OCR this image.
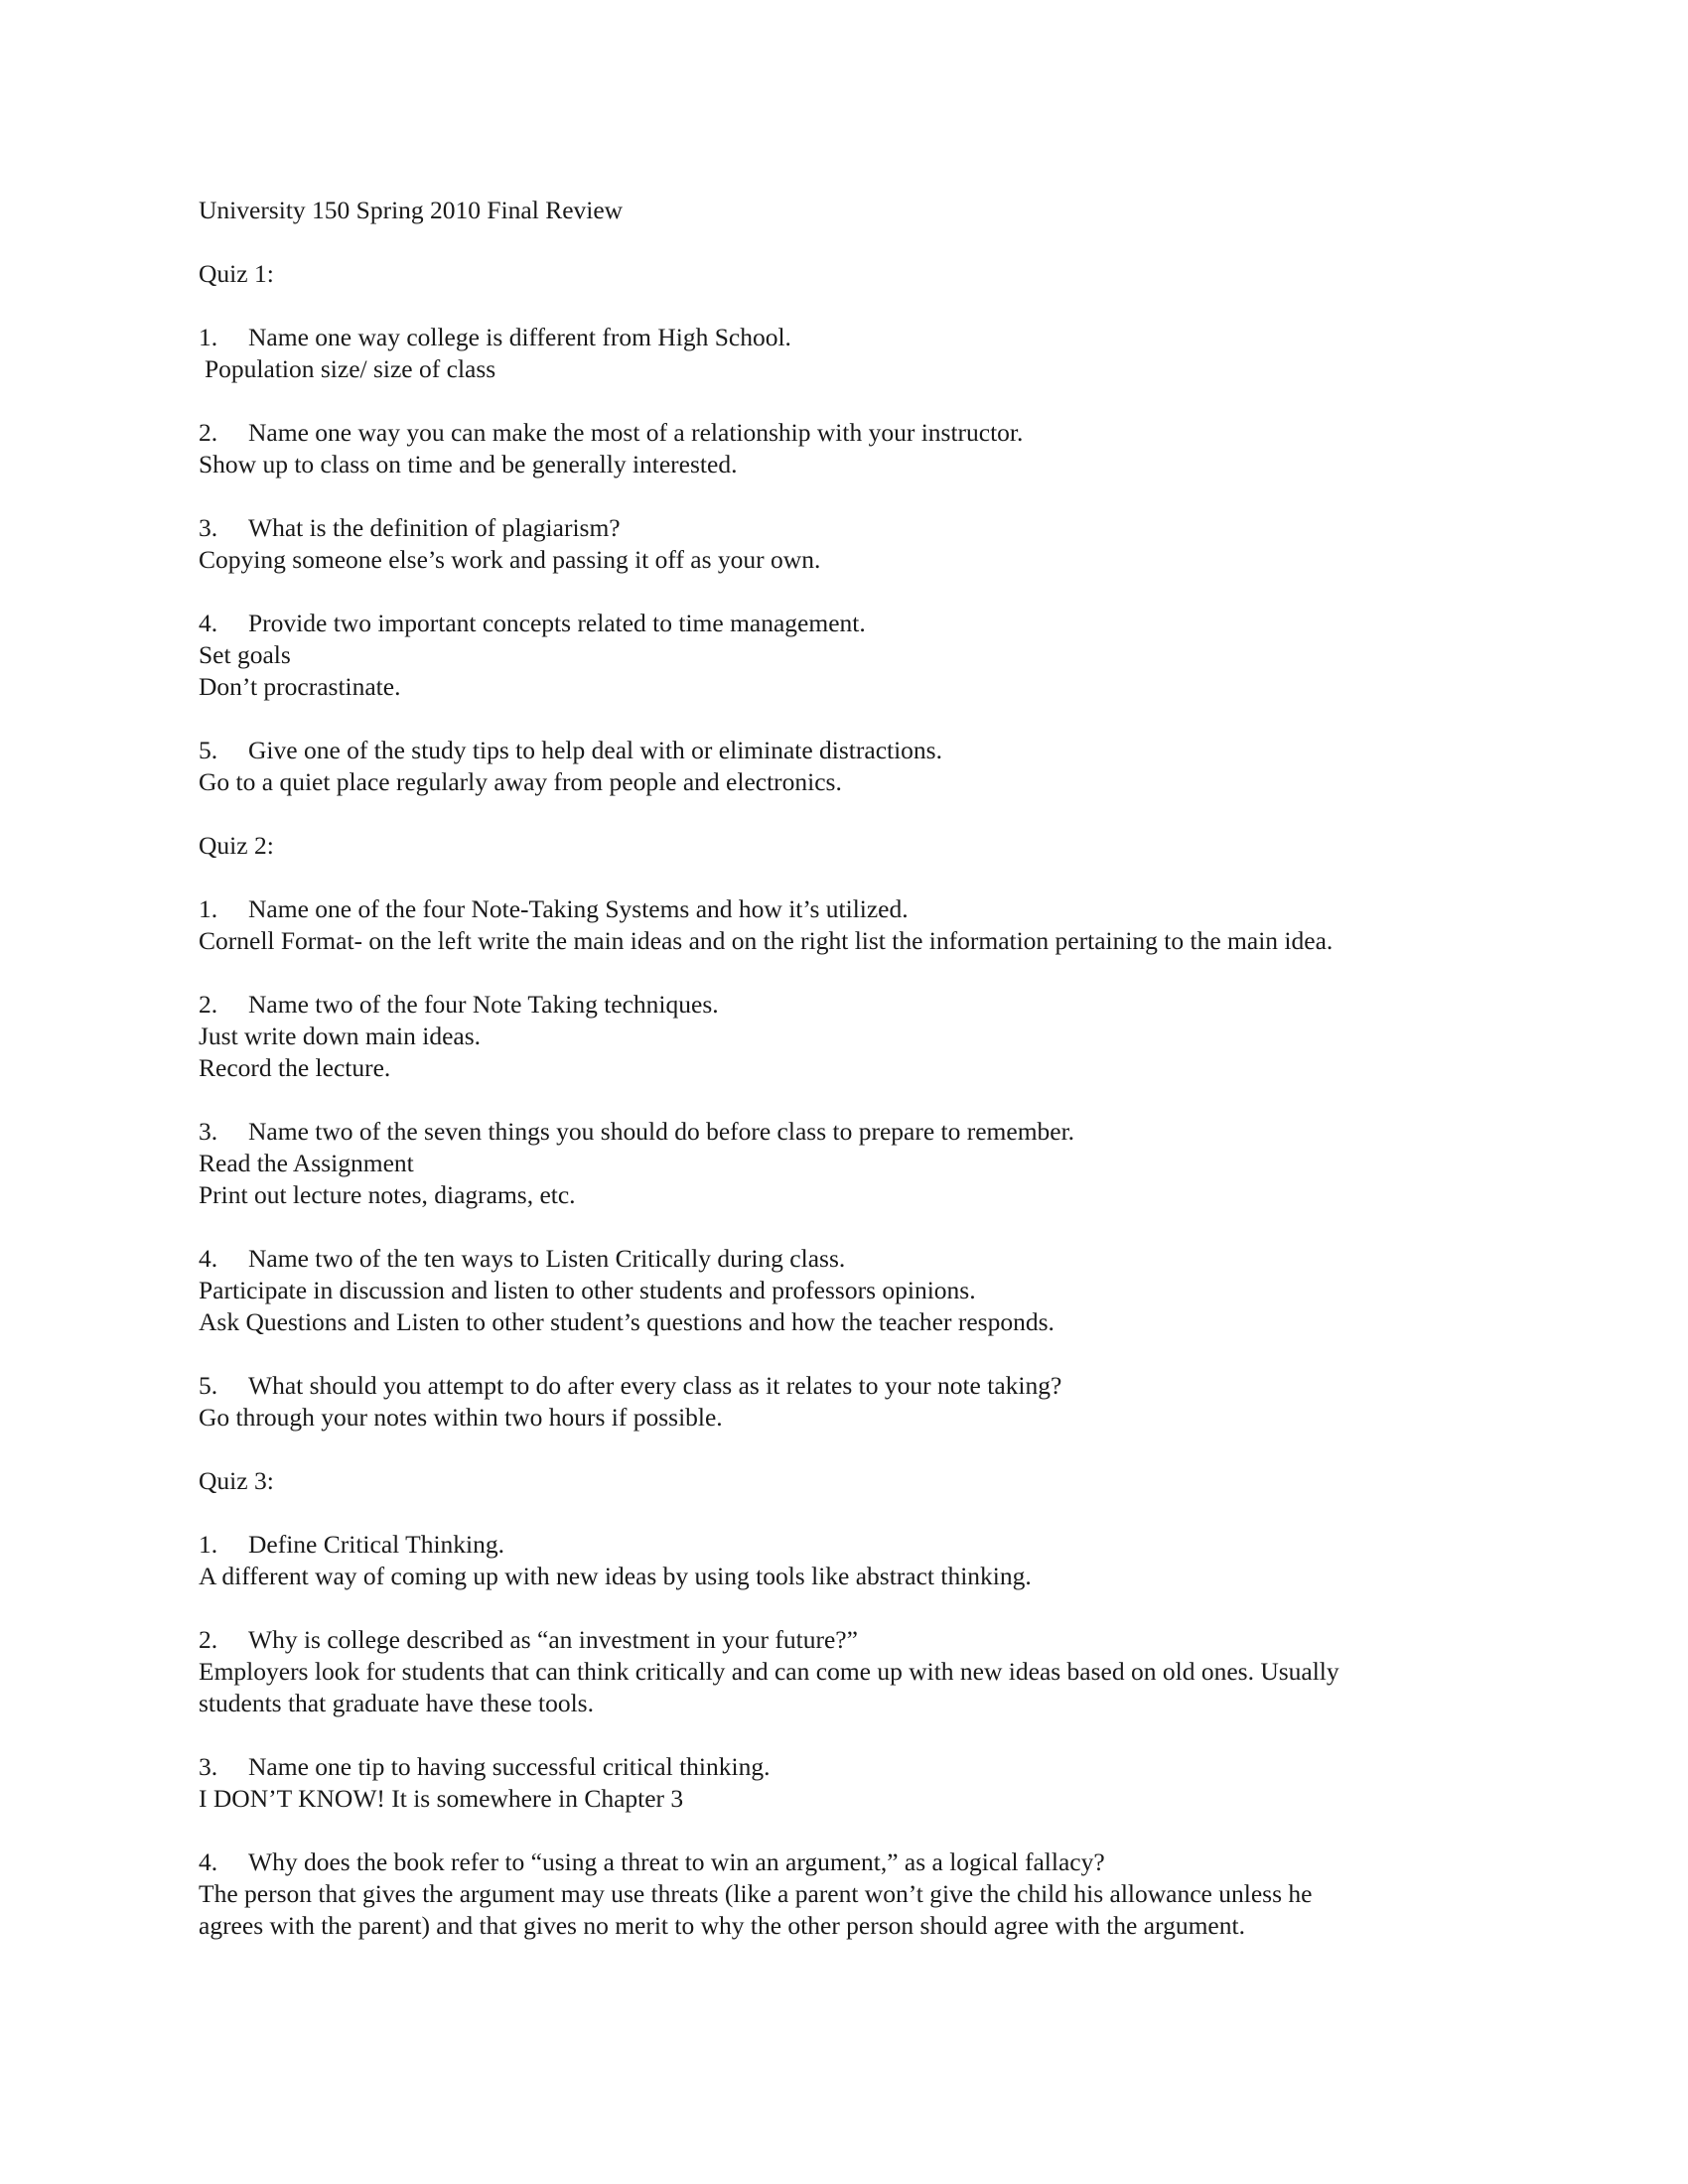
University 150 Spring 2010 Final Review
Quiz 1:
1. Name one way college is different from High School.
Population size/ size of class
2. Name one way you can make the most of a relationship with your instructor.
Show up to class on time and be generally interested.
3. What is the definition of plagiarism?
Copying someone else’s work and passing it off as your own.
4. Provide two important concepts related to time management.
Set goals
Don’t procrastinate.
5. Give one of the study tips to help deal with or eliminate distractions.
Go to a quiet place regularly away from people and electronics.
Quiz 2:
1. Name one of the four Note-Taking Systems and how it’s utilized.
Cornell Format- on the left write the main ideas and on the right list the information pertaining to the main idea.
2. Name two of the four Note Taking techniques.
Just write down main ideas.
Record the lecture.
3. Name two of the seven things you should do before class to prepare to remember.
Read the Assignment
Print out lecture notes, diagrams, etc.
4. Name two of the ten ways to Listen Critically during class.
Participate in discussion and listen to other students and professors opinions.
Ask Questions and Listen to other student’s questions and how the teacher responds.
5. What should you attempt to do after every class as it relates to your note taking?
Go through your notes within two hours if possible.
Quiz 3:
1. Define Critical Thinking.
A different way of coming up with new ideas by using tools like abstract thinking.
2. Why is college described as “an investment in your future?”
Employers look for students that can think critically and can come up with new ideas based on old ones. Usually
students that graduate have these tools.
3. Name one tip to having successful critical thinking.
I DON’T KNOW! It is somewhere in Chapter 3
4. Why does the book refer to “using a threat to win an argument,” as a logical fallacy?
The person that gives the argument may use threats (like a parent won’t give the child his allowance unless he
agrees with the parent) and that gives no merit to why the other person should agree with the argument.
